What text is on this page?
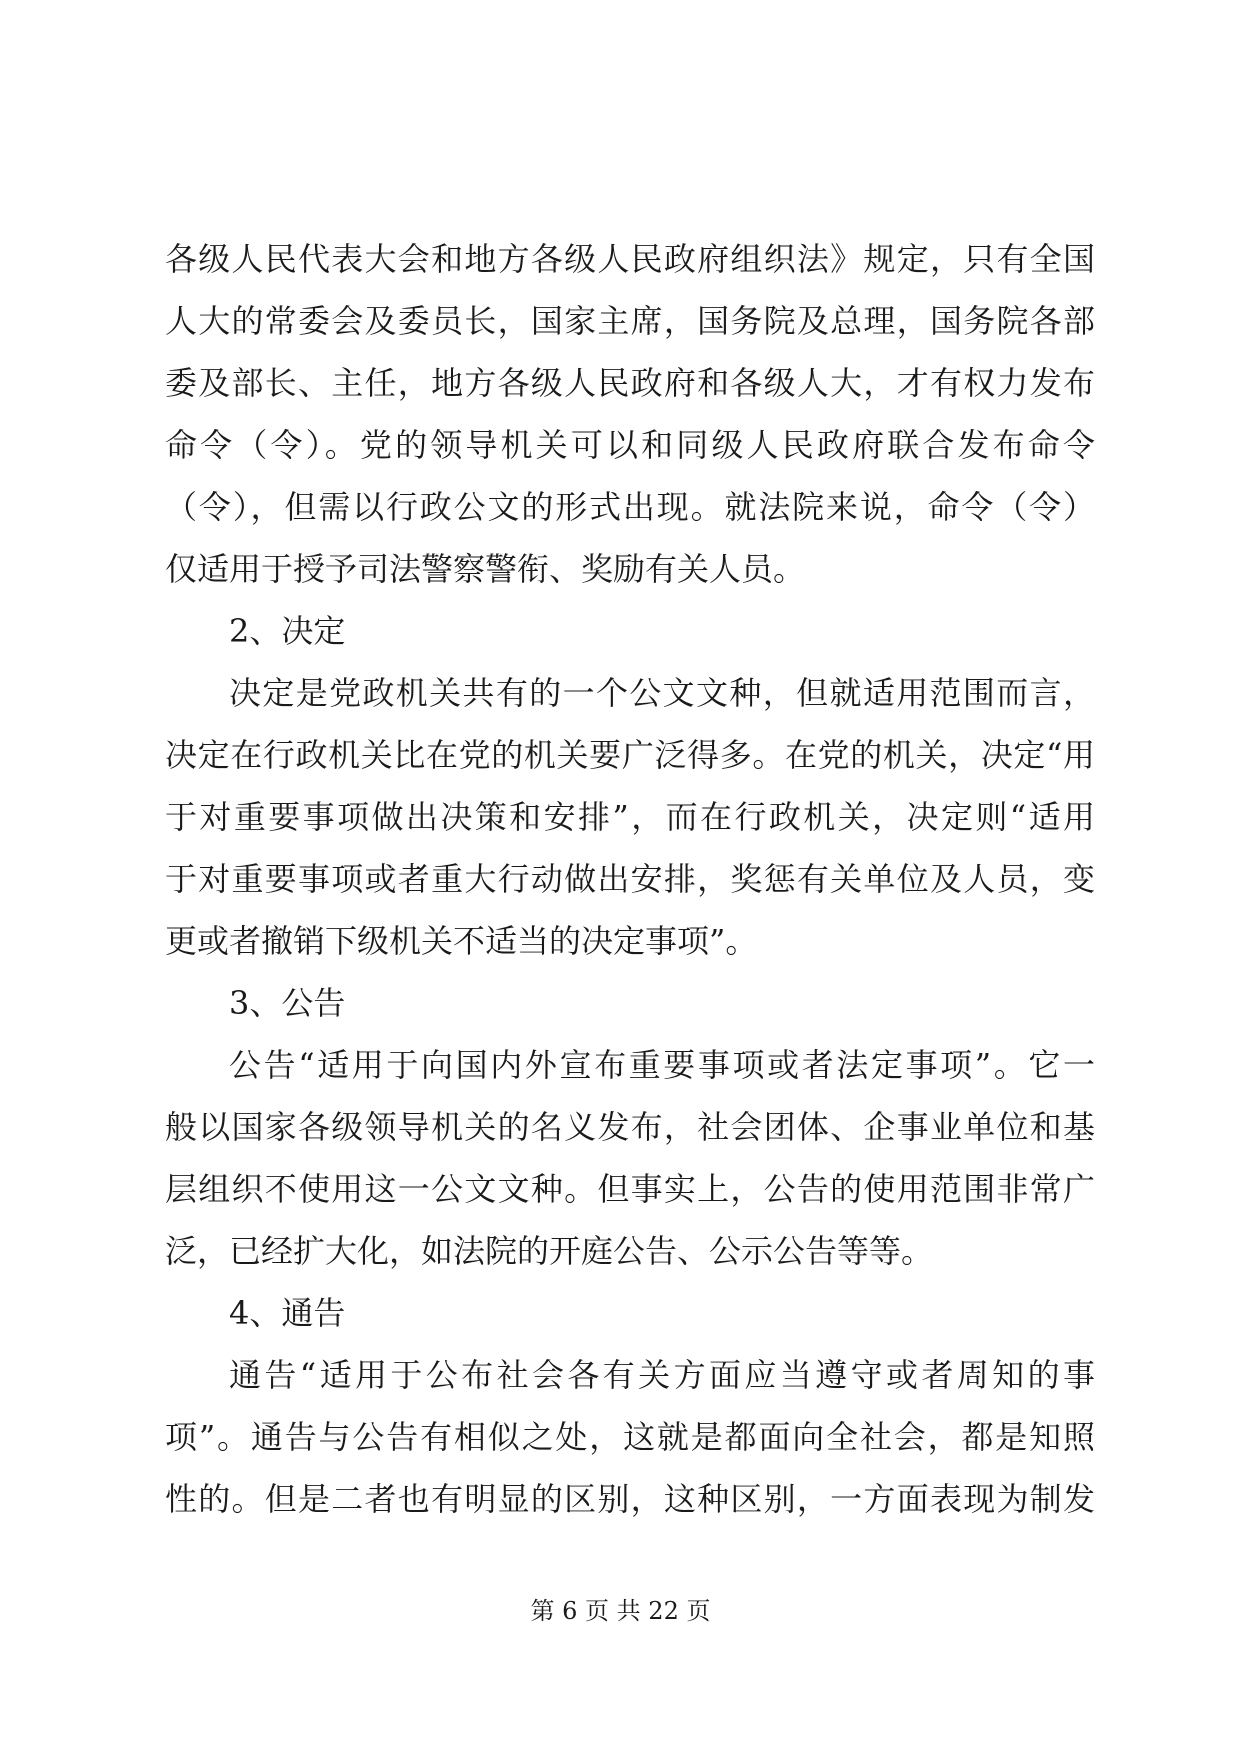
各级人民代表大会和地方各级人民政府组织法》规定，只有全国
人大的常委会及委员长，国家主席，国务院及总理，国务院各部
委及部长、主任，地方各级人民政府和各级人大，才有权力发布
命令（令）。党的领导机关可以和同级人民政府联合发布命令
（令），但需以行政公文的形式出现。就法院来说，命令（令）
仅适用于授予司法警察警衔、奖励有关人员。
2、决定
决定是党政机关共有的一个公文文种，但就适用范围而言，
决定在行政机关比在党的机关要广泛得多。在党的机关，决定“用
于对重要事项做出决策和安排”，而在行政机关，决定则“适用
于对重要事项或者重大行动做出安排，奖惩有关单位及人员，变
更或者撤销下级机关不适当的决定事项”。
3、公告
公告“适用于向国内外宣布重要事项或者法定事项”。它一
般以国家各级领导机关的名义发布，社会团体、企事业单位和基
层组织不使用这一公文文种。但事实上，公告的使用范围非常广
泛，已经扩大化，如法院的开庭公告、公示公告等等。
4、通告
通告“适用于公布社会各有关方面应当遵守或者周知的事
项”。通告与公告有相似之处，这就是都面向全社会，都是知照
性的。但是二者也有明显的区别，这种区别，一方面表现为制发
第 6 页 共 22 页
